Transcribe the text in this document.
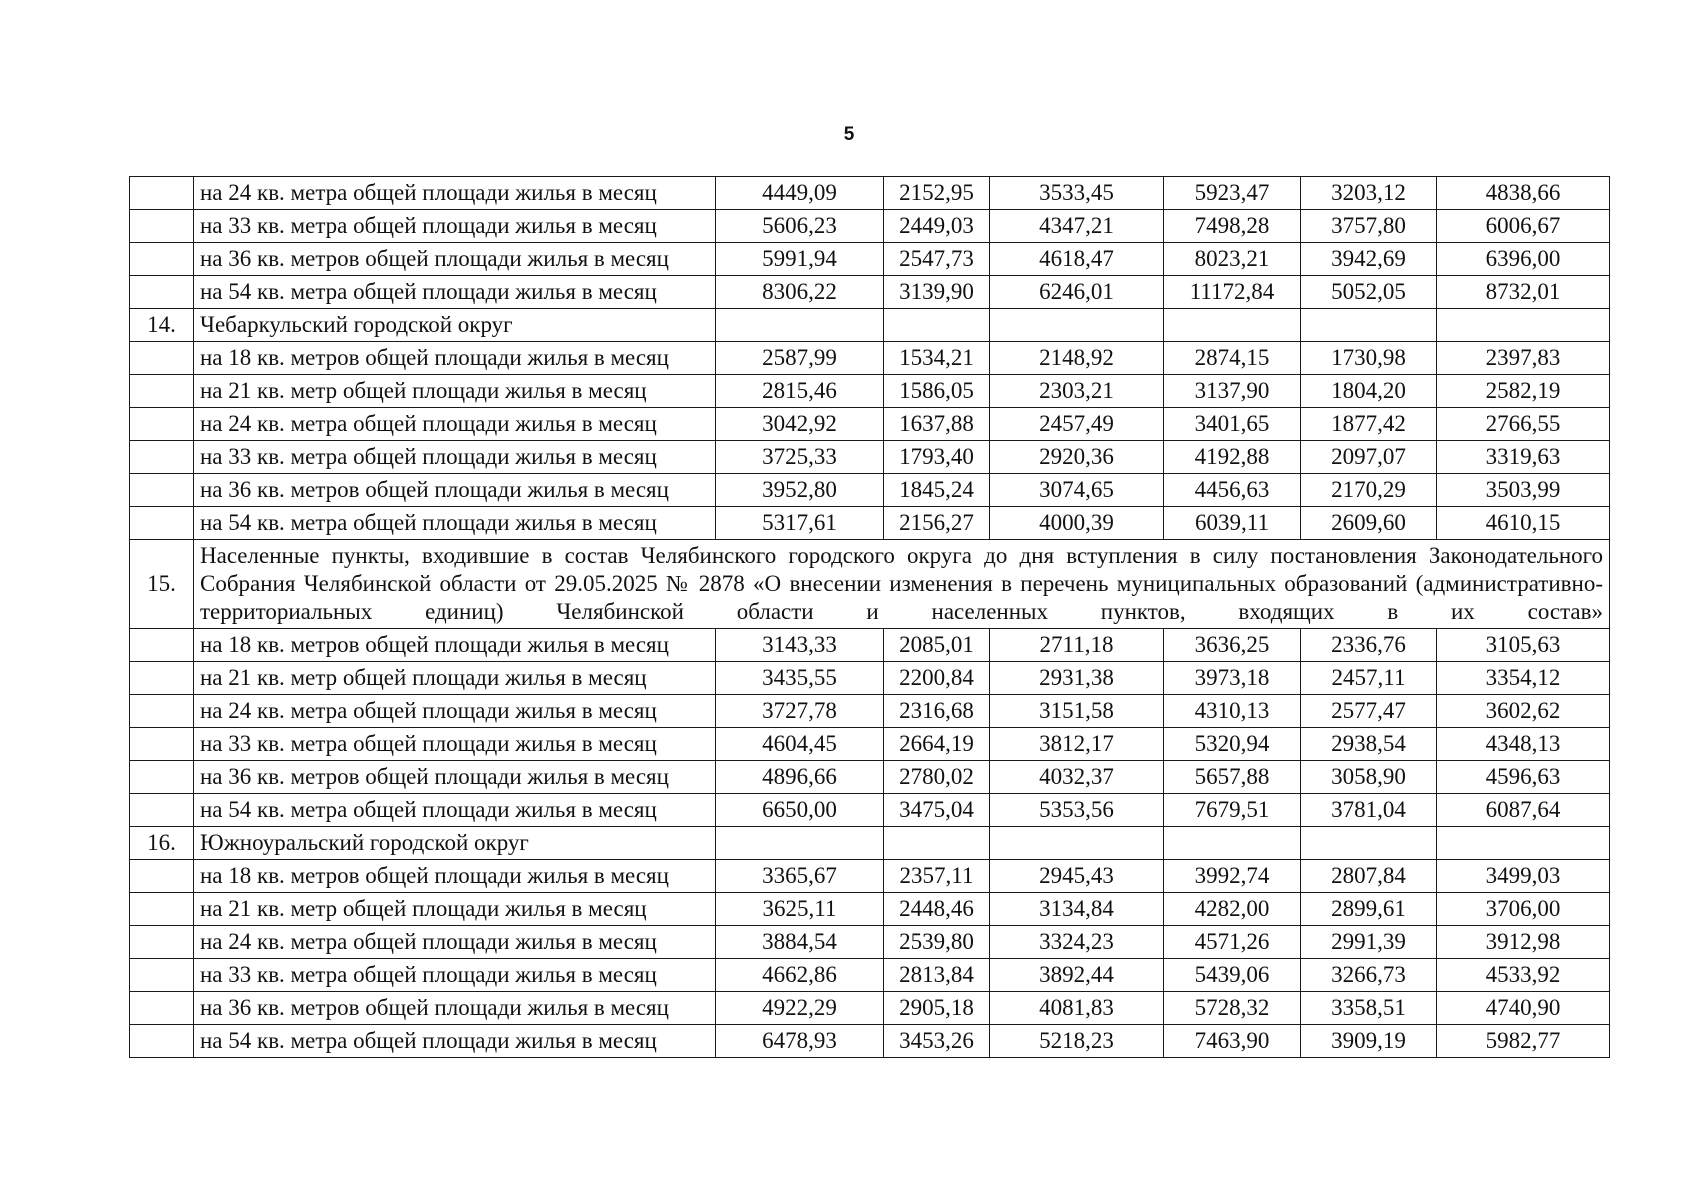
5
	на 24 кв. метра общей площади жилья в месяц	4449,09	2152,95	3533,45	5923,47	3203,12	4838,66
	на 33 кв. метра общей площади жилья в месяц	5606,23	2449,03	4347,21	7498,28	3757,80	6006,67
	на 36 кв. метров общей площади жилья в месяц	5991,94	2547,73	4618,47	8023,21	3942,69	6396,00
	на 54 кв. метра общей площади жилья в месяц	8306,22	3139,90	6246,01	11172,84	5052,05	8732,01
14.	Чебаркульский городской округ						
	на 18 кв. метров общей площади жилья в месяц	2587,99	1534,21	2148,92	2874,15	1730,98	2397,83
	на 21 кв. метр общей площади жилья в месяц	2815,46	1586,05	2303,21	3137,90	1804,20	2582,19
	на 24 кв. метра общей площади жилья в месяц	3042,92	1637,88	2457,49	3401,65	1877,42	2766,55
	на 33 кв. метра общей площади жилья в месяц	3725,33	1793,40	2920,36	4192,88	2097,07	3319,63
	на 36 кв. метров общей площади жилья в месяц	3952,80	1845,24	3074,65	4456,63	2170,29	3503,99
	на 54 кв. метра общей площади жилья в месяц	5317,61	2156,27	4000,39	6039,11	2609,60	4610,15
15.	Населенные пункты, входившие в состав Челябинского городского округа до дня вступления в силу постановления Законодательного Собрания Челябинской области от 29.05.2025 № 2878 «О внесении изменения в перечень муниципальных образований (административно-территориальных единиц) Челябинской области и населенных пунктов, входящих в их состав»						
	на 18 кв. метров общей площади жилья в месяц	3143,33	2085,01	2711,18	3636,25	2336,76	3105,63
	на 21 кв. метр общей площади жилья в месяц	3435,55	2200,84	2931,38	3973,18	2457,11	3354,12
	на 24 кв. метра общей площади жилья в месяц	3727,78	2316,68	3151,58	4310,13	2577,47	3602,62
	на 33 кв. метра общей площади жилья в месяц	4604,45	2664,19	3812,17	5320,94	2938,54	4348,13
	на 36 кв. метров общей площади жилья в месяц	4896,66	2780,02	4032,37	5657,88	3058,90	4596,63
	на 54 кв. метра общей площади жилья в месяц	6650,00	3475,04	5353,56	7679,51	3781,04	6087,64
16.	Южноуральский городской округ						
	на 18 кв. метров общей площади жилья в месяц	3365,67	2357,11	2945,43	3992,74	2807,84	3499,03
	на 21 кв. метр общей площади жилья в месяц	3625,11	2448,46	3134,84	4282,00	2899,61	3706,00
	на 24 кв. метра общей площади жилья в месяц	3884,54	2539,80	3324,23	4571,26	2991,39	3912,98
	на 33 кв. метра общей площади жилья в месяц	4662,86	2813,84	3892,44	5439,06	3266,73	4533,92
	на 36 кв. метров общей площади жилья в месяц	4922,29	2905,18	4081,83	5728,32	3358,51	4740,90
	на 54 кв. метра общей площади жилья в месяц	6478,93	3453,26	5218,23	7463,90	3909,19	5982,77
